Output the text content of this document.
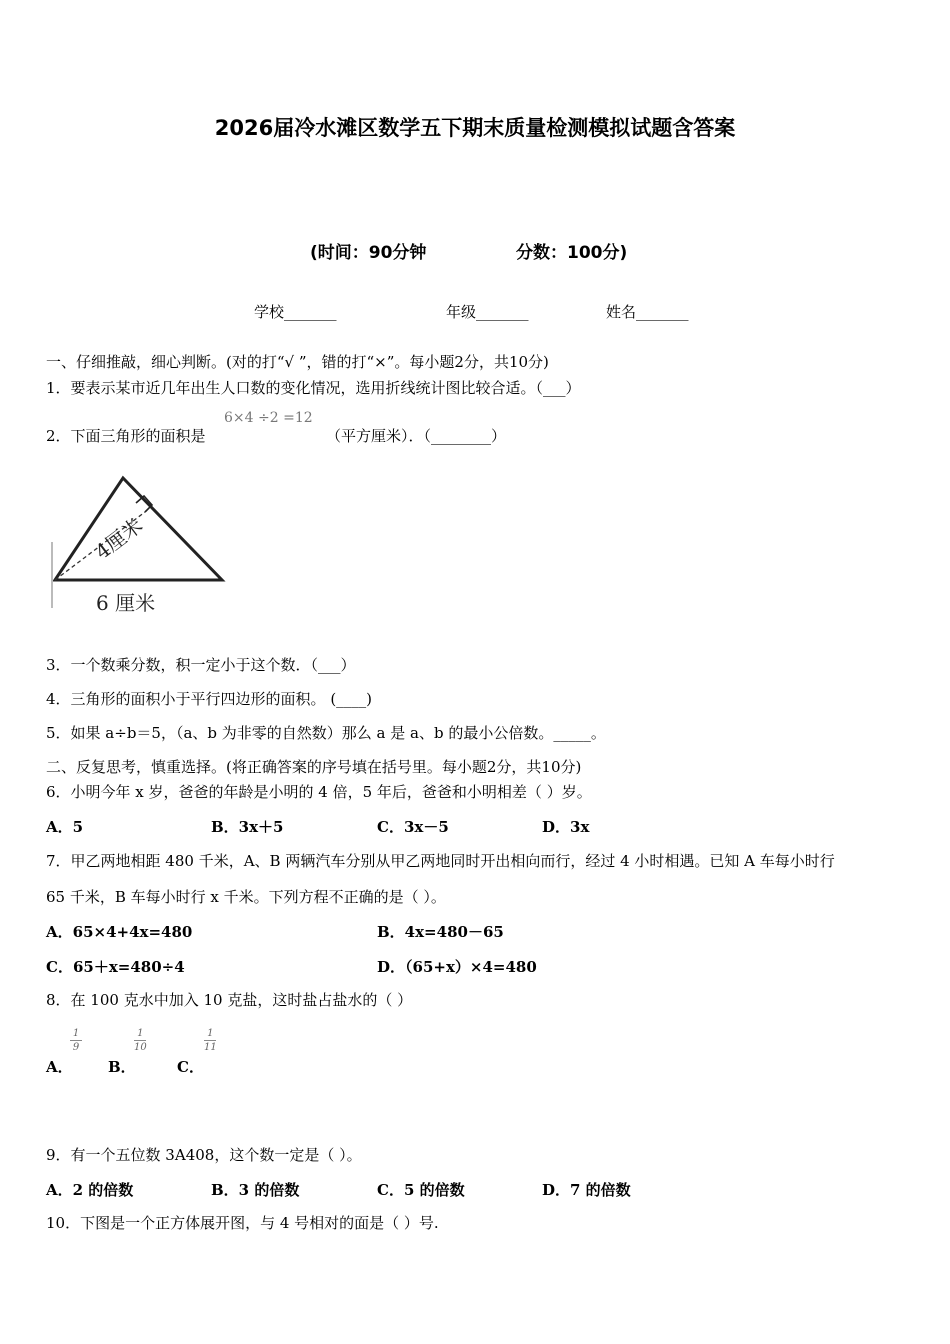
2026届冷水滩区数学五下期末质量检测模拟试题含答案
(时间：90分钟	分数：100分)
学校_______	年级_______	姓名_______
一、仔细推敲，细心判断。(对的打“√ ”，错的打“×”。每小题2分，共10分)
1．要表示某市近几年出生人口数的变化情况，选用折线统计图比较合适。（___）
2．下面三角形的面积是
6×4 ÷2 =12
（平方厘米）．（________）
4厘米
6 厘米
3．一个数乘分数，积一定小于这个数．（___）
4．三角形的面积小于平行四边形的面积。 (____)
5．如果 a÷b＝5，（a、b 为非零的自然数）那么 a 是 a、b 的最小公倍数。_____。
二、反复思考，慎重选择。(将正确答案的序号填在括号里。每小题2分，共10分)
6．小明今年 x 岁，爸爸的年龄是小明的 4 倍，5 年后，爸爸和小明相差（ ）岁。
A．5	B．3x＋5	C．3x－5	D．3x
7．甲乙两地相距 480 千米，A、B 两辆汽车分别从甲乙两地同时开出相向而行，经过 4 小时相遇。已知 A 车每小时行
65 千米，B 车每小时行 x 千米。下列方程不正确的是（ ）。
A．65×4+4x=480	B．4x=480－65
C．65＋x=480÷4	D．（65+x）×4=480
8．在 100 克水中加入 10 克盐，这时盐占盐水的（ ）
A．
1
9
B．
1
10
C．
1
11
9．有一个五位数 3A408，这个数一定是（ ）。
A．2 的倍数	B．3 的倍数	C．5 的倍数	D．7 的倍数
10．下图是一个正方体展开图，与 4 号相对的面是（ ）号.
